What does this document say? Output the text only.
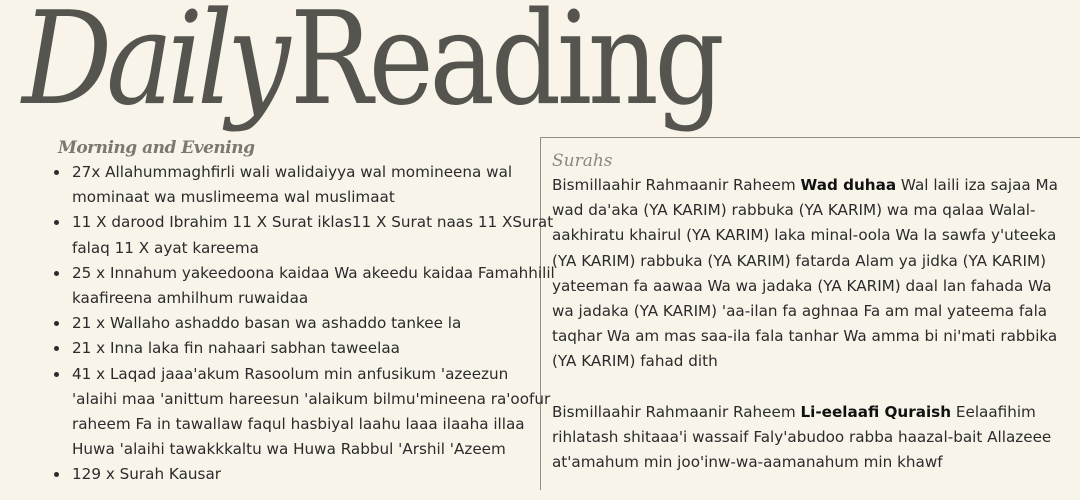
DailyReading
Morning and Evening
• 27x Allahummaghfirli wali walidaiyya wal momineena wal mominaat wa muslimeema wal muslimaat
• 11 X darood Ibrahim 11 X Surat iklas11 X Surat naas 11 XSurat falaq 11 X ayat kareema
• 25 x Innahum yakeedoona kaidaa Wa akeedu kaidaa Famahhilil kaafireena amhilhum ruwaidaa
• 21 x Wallaho ashaddo basan wa ashaddo tankee la
• 21 x Inna laka fin nahaari sabhan taweelaa
• 41 x Laqad jaaa'akum Rasoolum min anfusikum 'azeezun 'alaihi maa 'anittum hareesun 'alaikum bilmu'mineena ra'oofur raheem Fa in tawallaw faqul hasbiyal laahu laaa ilaaha illaa Huwa 'alaihi tawakkkaltu wa Huwa Rabbul 'Arshil 'Azeem
• 129 x Surah Kausar
Surahs

Bismillaahir Rahmaanir Raheem Wad duhaa Wal laili iza sajaa Ma wad da'aka (YA KARIM) rabbuka (YA KARIM) wa ma qalaa Walal-aakhiratu khairul (YA KARIM) laka minal-oola Wa la sawfa y'uteeka (YA KARIM) rabbuka (YA KARIM) fatarda Alam ya jidka (YA KARIM) yateeman fa aawaa Wa wa jadaka (YA KARIM) daal lan fahada Wa wa jadaka (YA KARIM) 'aa-ilan fa aghnaa Fa am mal yateema fala taqhar Wa am mas saa-ila fala tanhar Wa amma bi ni'mati rabbika (YA KARIM) fahad dith

Bismillaahir Rahmaanir Raheem Li-eelaafi Quraish Eelaafihim rihlatash shitaaa'i wassaif Faly'abudoo rabba haazal-bait Allazeee at'amahum min joo'inw-wa-aamanahum min khawf
